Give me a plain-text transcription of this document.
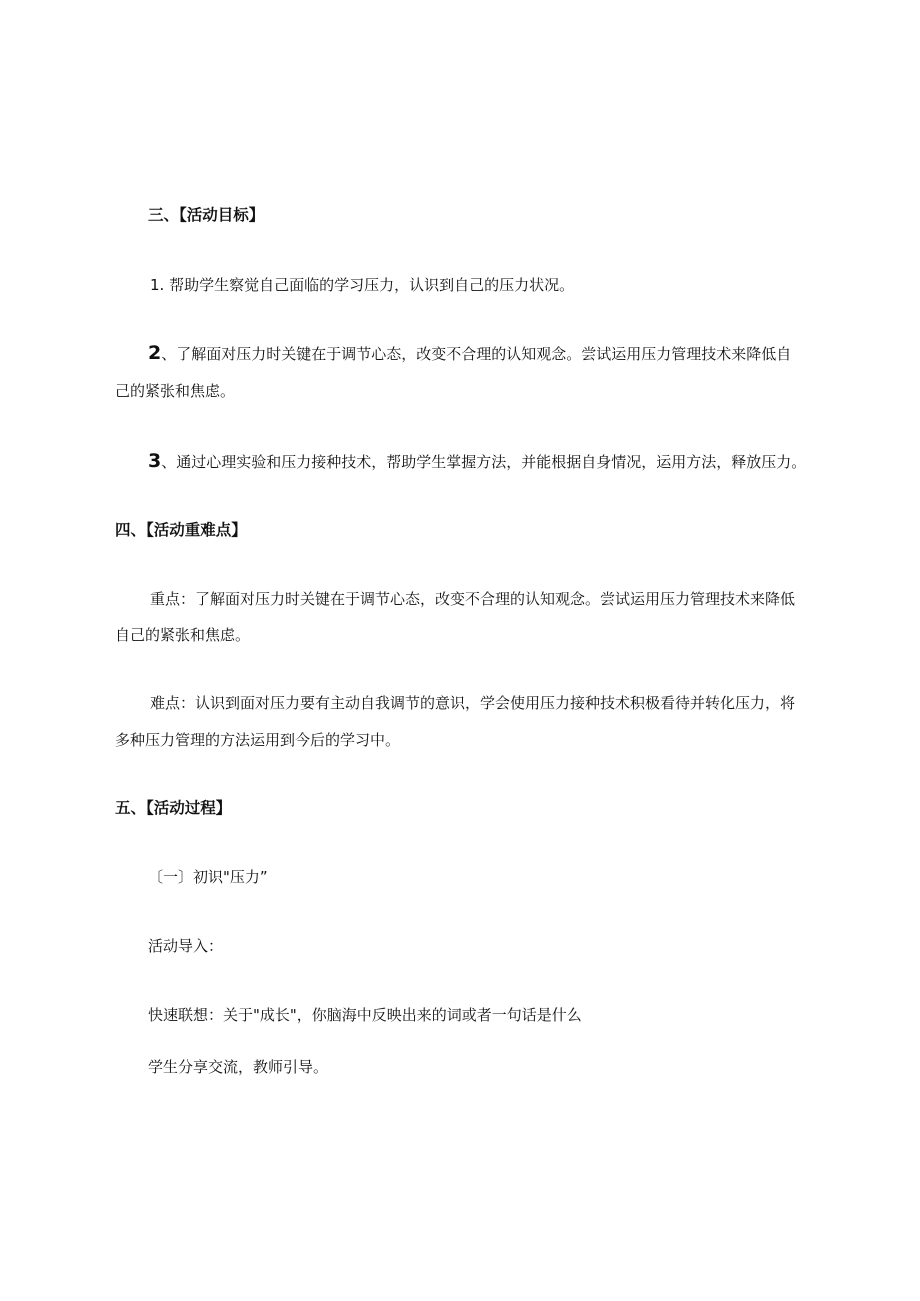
三、【活动目标】

1. 帮助学生察觉自己面临的学习压力，认识到自己的压力状况。

2、了解面对压力时关键在于调节心态，改变不合理的认知观念。尝试运用压力管理技术来降低自

己的紧张和焦虑。

3、通过心理实验和压力接种技术，帮助学生掌握方法，并能根据自身情况，运用方法，释放压力。

四、【活动重难点】

重点：了解面对压力时关键在于调节心态，改变不合理的认知观念。尝试运用压力管理技术来降低

自己的紧张和焦虑。

难点：认识到面对压力要有主动自我调节的意识，学会使用压力接种技术积极看待并转化压力，将

多种压力管理的方法运用到今后的学习中。

五、【活动过程】

〔一〕初识"压力”

活动导入：

快速联想：关于"成长"，你脑海中反映出来的词或者一句话是什么

学生分享交流，教师引导。
